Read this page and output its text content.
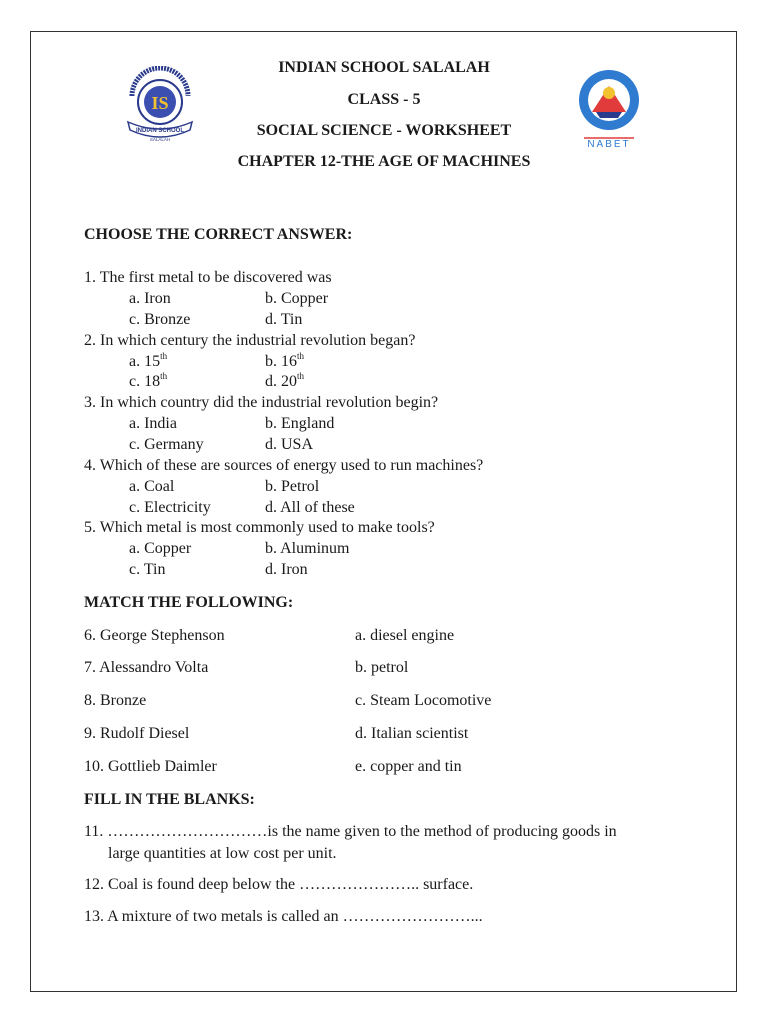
IS
INDIAN SCHOOL
SALALAH	NABET
INDIAN SCHOOL SALALAH
CLASS - 5
SOCIAL SCIENCE - WORKSHEET
CHAPTER 12-THE AGE OF MACHINES
CHOOSE THE CORRECT ANSWER:
1. The first metal to be discovered was
a. Iron	b. Copper
c. Bronze	d. Tin
2. In which century the industrial revolution began?
a. 15th	b. 16th
c. 18th	d. 20th
3. In which country did the industrial revolution begin?
a. India	b. England
c. Germany	d. USA
4. Which of these are sources of energy used to run machines?
a. Coal	b. Petrol
c. Electricity	d. All of these
5. Which metal is most commonly used to make tools?
a. Copper	b. Aluminum
c. Tin	d. Iron
MATCH THE FOLLOWING:
6. George Stephenson	a. diesel engine
7. Alessandro Volta	b. petrol
8. Bronze	c. Steam Locomotive
9. Rudolf Diesel	d. Italian scientist
10. Gottlieb Daimler	e. copper and tin
FILL IN THE BLANKS:
11. …………………………is the name given to the method of producing goods in
large quantities at low cost per unit.
12. Coal is found deep below the ………………….. surface.
13. A mixture of two metals is called an ……………………...
